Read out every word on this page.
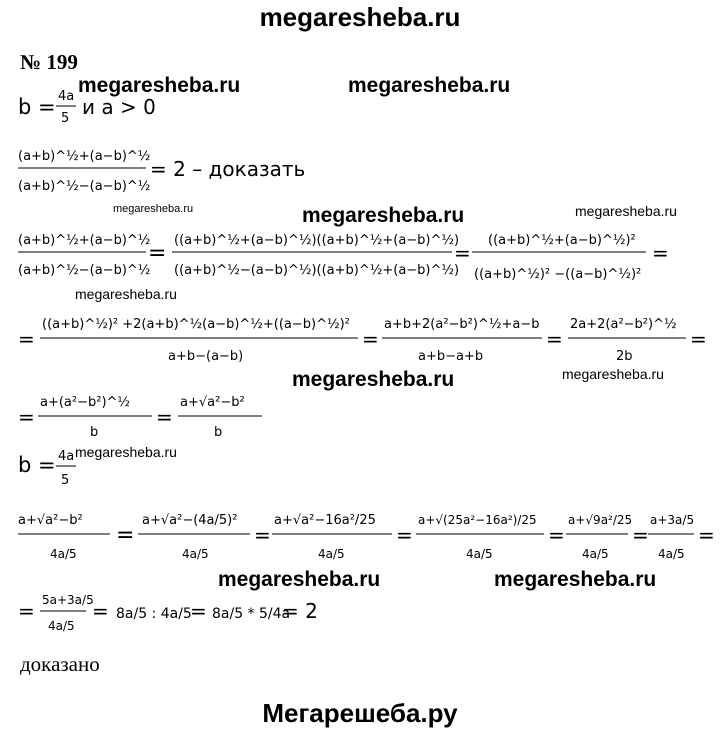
megaresheba.ru
Мегарешеба.ру
№ 199
megaresheba.ru	megaresheba.ru
megaresheba.ru	megaresheba.ru	megaresheba.ru
megaresheba.ru
megaresheba.ru	megaresheba.ru
megaresheba.ru
megaresheba.ru	megaresheba.ru
b = 4a
5 и a > 0
(a+b)^½+(a−b)^½
(a+b)^½−(a−b)^½
= 2 – доказать
(a+b)^½+(a−b)^½
(a+b)^½−(a−b)^½
=
((a+b)^½+(a−b)^½)((a+b)^½+(a−b)^½)
((a+b)^½−(a−b)^½)((a+b)^½+(a−b)^½)
=
((a+b)^½+(a−b)^½)²
((a+b)^½)² −((a−b)^½)²
=
=
((a+b)^½)² +2(a+b)^½(a−b)^½+((a−b)^½)²
a+b−(a−b)
=
a+b+2(a²−b²)^½+a−b
a+b−a+b
=
2a+2(a²−b²)^½
2b
=
=
a+(a²−b²)^½
b
=
a+√a²−b²
b
b = 4a
5
a+√a²−b²
4a/5
=
a+√a²−(4a/5)²
4a/5
=
a+√a²−16a²/25
4a/5
=
a+√(25a²−16a²)/25
4a/5
=
a+√9a²/25
4a/5
=
a+3a/5
4a/5
=
= 5a+3a/5
4a/5
= 8a/5 : 4a/5
= 8a/5 * 5/4a
= 2
доказано
